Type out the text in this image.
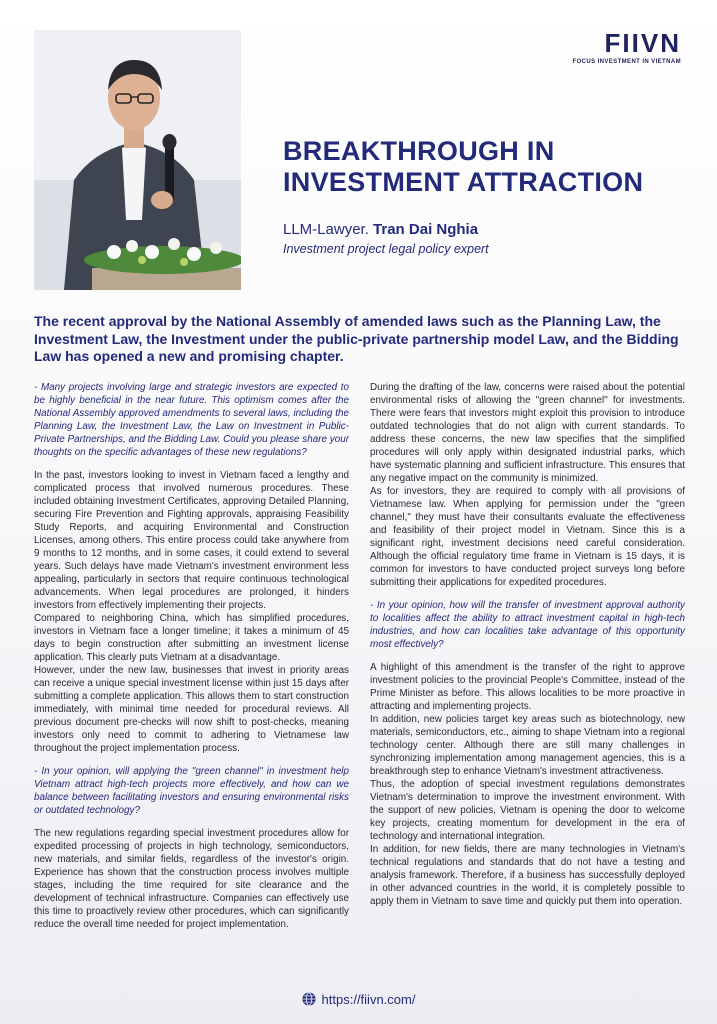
FIIVN
FOCUS INVESTMENT IN VIETNAM
BREAKTHROUGH IN INVESTMENT ATTRACTION
LLM-Lawyer. Tran Dai Nghia
Investment project legal policy expert

The recent approval by the National Assembly of amended laws such as the Planning Law, the Investment Law, the Investment under the public-private partnership model Law, and the Bidding Law has opened a new and promising chapter.

- Many projects involving large and strategic investors are expected to be highly beneficial in the near future. This optimism comes after the National Assembly approved amendments to several laws, including the Planning Law, the Investment Law, the Law on Investment in Public-Private Partnerships, and the Bidding Law. Could you please share your thoughts on the specific advantages of these new regulations?

In the past, investors looking to invest in Vietnam faced a lengthy and complicated process that involved numerous procedures. These included obtaining Investment Certificates, approving Detailed Planning, securing Fire Prevention and Fighting approvals, appraising Feasibility Study Reports, and acquiring Environmental and Construction Licenses, among others. This entire process could take anywhere from 9 months to 12 months, and in some cases, it could extend to several years. Such delays have made Vietnam's investment environment less appealing, particularly in sectors that require continuous technological advancements. When legal procedures are prolonged, it hinders investors from effectively implementing their projects.

Compared to neighboring China, which has simplified procedures, investors in Vietnam face a longer timeline; it takes a minimum of 45 days to begin construction after submitting an investment license application. This clearly puts Vietnam at a disadvantage.

However, under the new law, businesses that invest in priority areas can receive a unique special investment license within just 15 days after submitting a complete application. This allows them to start construction immediately, with minimal time needed for procedural reviews. All previous document pre-checks will now shift to post-checks, meaning investors only need to commit to adhering to Vietnamese law throughout the project implementation process.

- In your opinion, will applying the "green channel" in investment help Vietnam attract high-tech projects more effectively, and how can we balance between facilitating investors and ensuring environmental risks or outdated technology?

The new regulations regarding special investment procedures allow for expedited processing of projects in high technology, semiconductors, new materials, and similar fields, regardless of the investor's origin. Experience has shown that the construction process involves multiple stages, including the time required for site clearance and the development of technical infrastructure. Companies can effectively use this time to proactively review other procedures, which can significantly reduce the overall time needed for project implementation.

During the drafting of the law, concerns were raised about the potential environmental risks of allowing the "green channel" for investments. There were fears that investors might exploit this provision to introduce outdated technologies that do not align with current standards. To address these concerns, the new law specifies that the simplified procedures will only apply within designated industrial parks, which have systematic planning and sufficient infrastructure. This ensures that any negative impact on the community is minimized.

As for investors, they are required to comply with all provisions of Vietnamese law. When applying for permission under the "green channel," they must have their consultants evaluate the effectiveness and feasibility of their project model in Vietnam. Since this is a significant right, investment decisions need careful consideration. Although the official regulatory time frame in Vietnam is 15 days, it is common for investors to have conducted project surveys long before submitting their applications for expedited procedures.

- In your opinion, how will the transfer of investment approval authority to localities affect the ability to attract investment capital in high-tech industries, and how can localities take advantage of this opportunity most effectively?

A highlight of this amendment is the transfer of the right to approve investment policies to the provincial People's Committee, instead of the Prime Minister as before. This allows localities to be more proactive in attracting and implementing projects.

In addition, new policies target key areas such as biotechnology, new materials, semiconductors, etc., aiming to shape Vietnam into a regional technology center. Although there are still many challenges in synchronizing implementation among management agencies, this is a breakthrough step to enhance Vietnam's investment attractiveness.

Thus, the adoption of special investment regulations demonstrates Vietnam's determination to improve the investment environment. With the support of new policies, Vietnam is opening the door to welcome key projects, creating momentum for development in the era of technology and international integration.

In addition, for new fields, there are many technologies in Vietnam's technical regulations and standards that do not have a testing and analysis framework. Therefore, if a business has successfully deployed in other advanced countries in the world, it is completely possible to apply them in Vietnam to save time and quickly put them into operation.

https://fiivn.com/
